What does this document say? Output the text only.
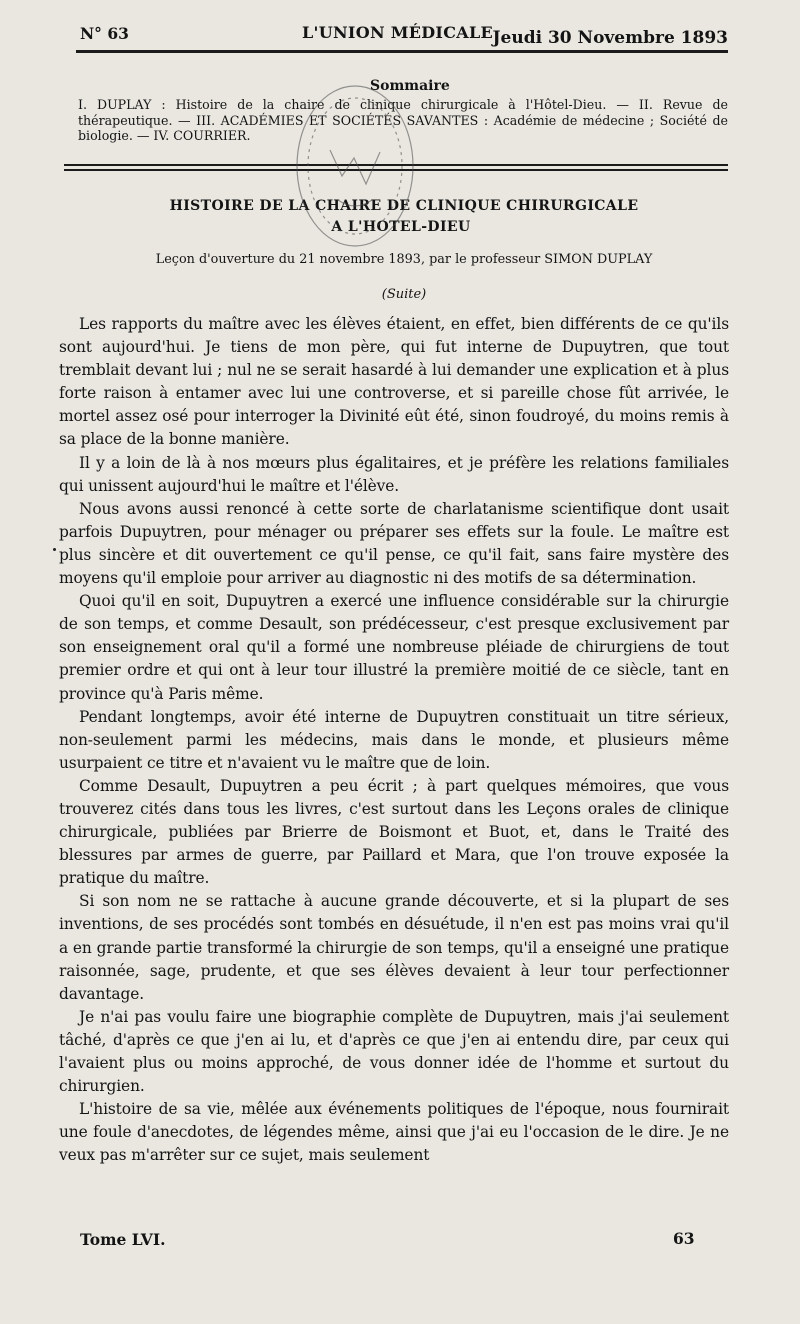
N° 63	L'UNION MÉDICALE Jeudi 30 Novembre 1893
Sommaire
I. DUPLAY : Histoire de la chaire de clinique chirurgicale à l'Hôtel-Dieu. — II. Revue de thérapeutique. — III. ACADÉMIES ET SOCIÉTÉS SAVANTES : Académie de médecine ; Société de biologie. — IV. COURRIER.
HISTOIRE DE LA CHAIRE DE CLINIQUE CHIRURGICALE
A L'HOTEL-DIEU
Leçon d'ouverture du 21 novembre 1893, par le professeur SIMON DUPLAY
(Suite)

Les rapports du maître avec les élèves étaient, en effet, bien différents de ce qu'ils sont aujourd'hui. Je tiens de mon père, qui fut interne de Dupuytren, que tout tremblait devant lui ; nul ne se serait hasardé à lui demander une explication et à plus forte raison à entamer avec lui une controverse, et si pareille chose fût arrivée, le mortel assez osé pour interroger la Divinité eût été, sinon foudroyé, du moins remis à sa place de la bonne manière.

Il y a loin de là à nos mœurs plus égalitaires, et je préfère les relations familiales qui unissent aujourd'hui le maître et l'élève.

Nous avons aussi renoncé à cette sorte de charlatanisme scientifique dont usait parfois Dupuytren, pour ménager ou préparer ses effets sur la foule. Le maître est plus sincère et dit ouvertement ce qu'il pense, ce qu'il fait, sans faire mystère des moyens qu'il emploie pour arriver au diagnostic ni des motifs de sa détermination.

Quoi qu'il en soit, Dupuytren a exercé une influence considérable sur la chirurgie de son temps, et comme Desault, son prédécesseur, c'est presque exclusivement par son enseignement oral qu'il a formé une nombreuse pléiade de chirurgiens de tout premier ordre et qui ont à leur tour illustré la première moitié de ce siècle, tant en province qu'à Paris même.

Pendant longtemps, avoir été interne de Dupuytren constituait un titre sérieux, non-seulement parmi les médecins, mais dans le monde, et plusieurs même usurpaient ce titre et n'avaient vu le maître que de loin.

Comme Desault, Dupuytren a peu écrit ; à part quelques mémoires, que vous trouverez cités dans tous les livres, c'est surtout dans les Leçons orales de clinique chirurgicale, publiées par Brierre de Boismont et Buot, et, dans le Traité des blessures par armes de guerre, par Paillard et Mara, que l'on trouve exposée la pratique du maître.

Si son nom ne se rattache à aucune grande découverte, et si la plupart de ses inventions, de ses procédés sont tombés en désuétude, il n'en est pas moins vrai qu'il a en grande partie transformé la chirurgie de son temps, qu'il a enseigné une pratique raisonnée, sage, prudente, et que ses élèves devaient à leur tour perfectionner davantage.

Je n'ai pas voulu faire une biographie complète de Dupuytren, mais j'ai seulement tâché, d'après ce que j'en ai lu, et d'après ce que j'en ai entendu dire, par ceux qui l'avaient plus ou moins approché, de vous donner idée de l'homme et surtout du chirurgien.

L'histoire de sa vie, mêlée aux événements politiques de l'époque, nous fournirait une foule d'anecdotes, de légendes même, ainsi que j'ai eu l'occasion de le dire. Je ne veux pas m'arrêter sur ce sujet, mais seulement

Tome LVI.	63
